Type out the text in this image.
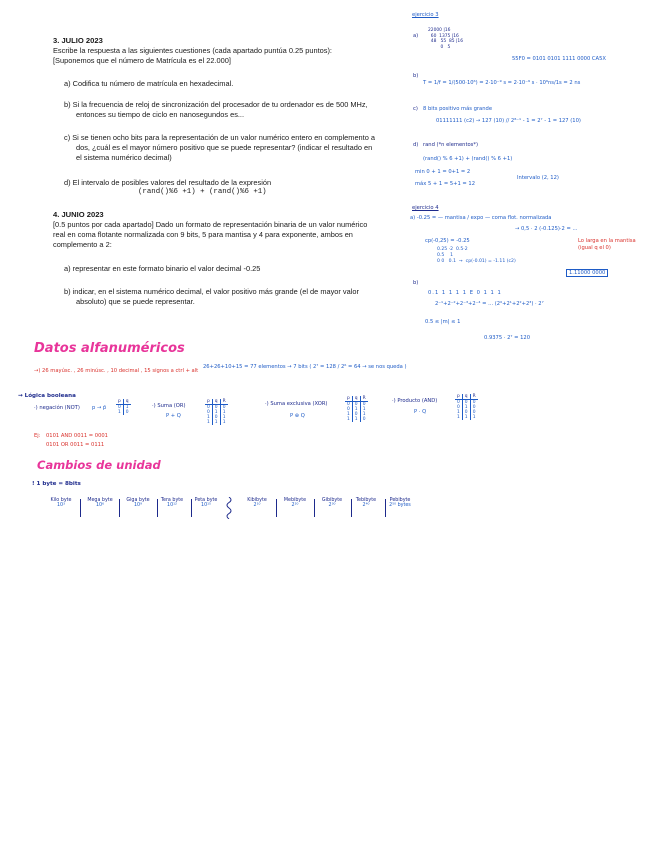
3. JULIO 2023
Escribe la respuesta a las siguientes cuestiones (cada apartado puntúa 0.25 puntos): [Suponemos que el número de Matrícula es el 22.000]
a) Codifica tu número de matrícula en hexadecimal.
b) Si la frecuencia de reloj de sincronización del procesador de tu ordenador es de 500 MHz, entonces su tiempo de ciclo en nanosegundos es...
c) Si se tienen ocho bits para la representación de un valor numérico entero en complemento a dos, ¿cuál es el mayor número positivo que se puede representar? (indicar el resultado en el sistema numérico decimal)
d) El intervalo de posibles valores del resultado de la expresión
(rand()%6 +1) + (rand()%6 +1)
4. JUNIO 2023
[0.5 puntos por cada apartado] Dado un formato de representación binaria de un valor numérico real en coma flotante normalizada con 9 bits, 5 para mantisa y 4 para exponente, ambos en complemento a 2:
a) representar en este formato binario el valor decimal -0.25
b) indicar, en el sistema numérico decimal, el valor positivo más grande (el de mayor valor absoluto) que se puede representar.
ejercicio 3
a)
22000 |16
60  1375 |16
48   55  85 |16
0   5
55F0 = 0101 0101 1111 0000 CA5X
b)
T = 1/f = 1/(500·10⁶) = 2·10⁻⁹ s = 2·10⁻⁹ s · 10⁹ns/1s = 2 ns
c) 8 bits positivo más grande
01111111 (c2) → 127 (10) // 2⁸⁻¹ - 1 = 2⁷ - 1 = 127 (10)
d) rand (*n elementos*)
(rand() % 6 +1) + (rand() % 6 +1)
min 0 + 1 = 0+1 = 2
máx 5 + 1 = 5+1 = 12
Intervalo (2, 12)
ejercicio 4
a) -0.25 = — mantisa / expo — coma flot. normalizada
→ 0,5 · 2 (-0.125)·2 = ...
cp(-0,25) = -0.25
0.25 ·2  0.5·2
0.5    1
0 0   0.1  →  cp(-0.01) = -1.11 (c2)
Lo larga en la mantisa (igual q el 0)
1.11000 0000
b)
0.1 1 1 1 1 E 0 1 1 1
2⁻¹+2⁻²+2⁻³+2⁻⁴ = ... (2⁰+2¹+2²+2³) · 2⁷
0.5 ≤ |m| ≤ 1
0.9375 · 2⁷ = 120
Datos alfanuméricos
→) 26 mayúsc. , 26 minúsc. , 10 decimal , 15 signos a ctrl + alt
26+26+10+15 = 77 elementos → 7 bits ( 2⁷ = 128 / 2⁶ = 64 → se nos queda )
→ Lógica booleana
·) negación (NOT) p → p̄
p	q
0	1
1	0
·) Suma (OR)
P + Q
p	q	R
0	0	0
0	1	1
1	0	1
1	1	1
·) Suma exclusiva (XOR)
P ⊕ Q
p	q	R
0	0	0
0	1	1
1	0	1
1	1	0
·) Producto (AND)
P · Q
p	q	R
0	0	0
0	1	0
1	0	0
1	1	1
Ej: 0101 AND 0011 = 0001
0101 OR 0011 = 0111
Cambios de unidad
! 1 byte = 8bits
Kilo byte
10³
Mega byte
10⁶
Giga byte
10⁹
Tera byte
10¹²
Peta byte
10¹⁵
Kibibyte
2¹⁰
Mebibyte
2²⁰
Gibibyte
2³⁰
Tebibyte
2⁴⁰
Pebibyte
2⁵⁰ bytes
